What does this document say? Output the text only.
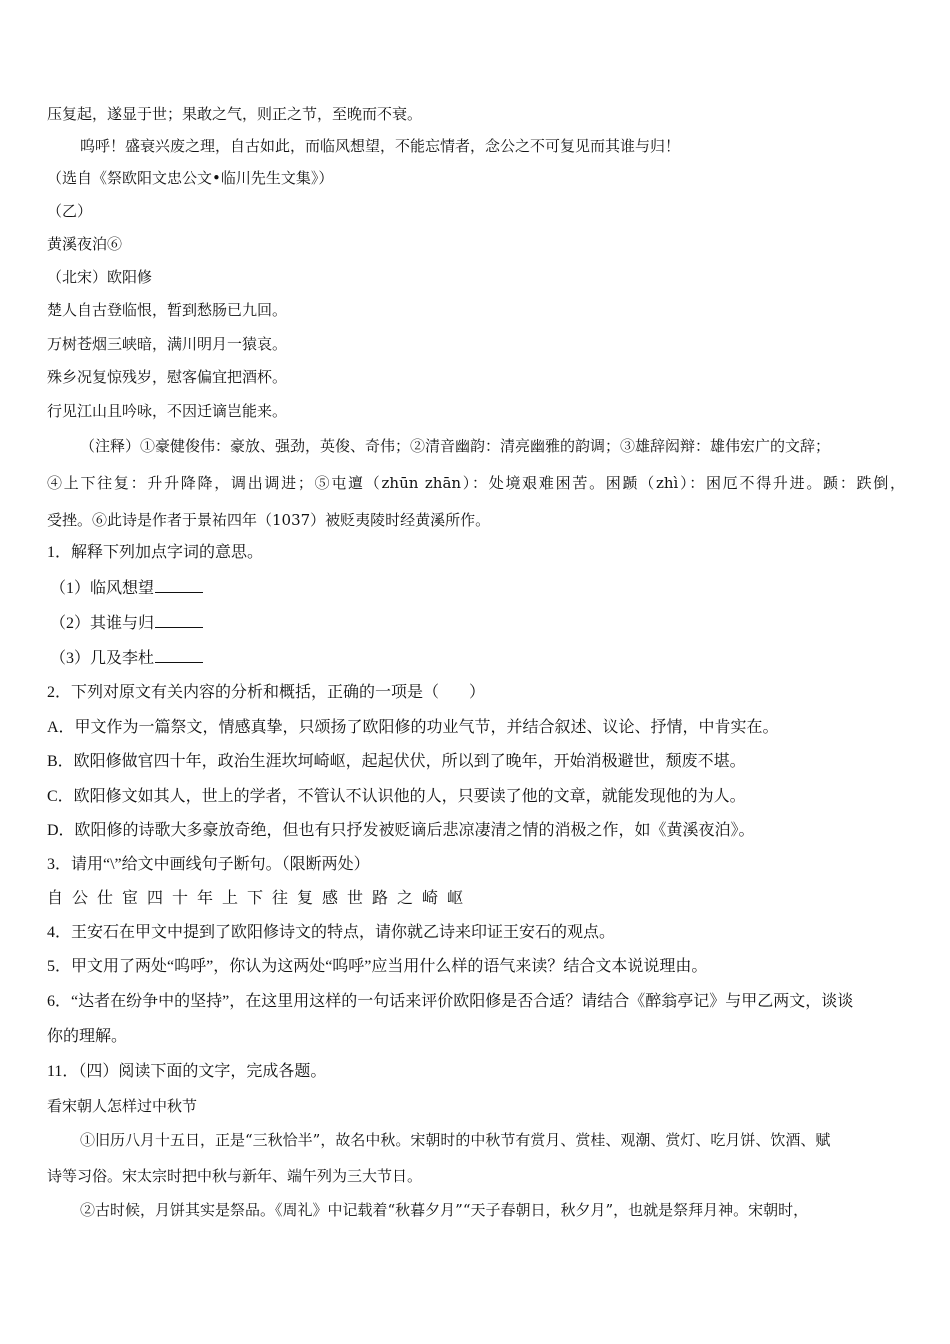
压复起，遂显于世；果敢之气，则正之节，至晚而不衰。
呜呼！盛衰兴废之理，自古如此，而临风想望，不能忘情者，念公之不可复见而其谁与归！
（选自《祭欧阳文忠公文•临川先生文集》）
（乙）
黄溪夜泊⑥
（北宋）欧阳修
楚人自古登临恨，暂到愁肠已九回。
万树苍烟三峡暗，满川明月一猿哀。
殊乡况复惊残岁，慰客偏宜把酒杯。
行见江山且吟咏，不因迁谪岂能来。
（注释）①豪健俊伟：豪放、强劲，英俊、奇伟；②清音幽韵：清亮幽雅的韵调；③雄辞闳辩：雄伟宏广的文辞；
④上下往复：升升降降，调出调进；⑤屯邅（zhūn zhān）：处境艰难困苦。困踬（zhì）：困厄不得升进。踬：跌倒，
受挫。⑥此诗是作者于景祐四年（1037）被贬夷陵时经黄溪所作。
1．解释下列加点字词的意思。
（1）临风想望
（2）其谁与归
（3）几及李杜
2．下列对原文有关内容的分析和概括，正确的一项是（ ）
A．甲文作为一篇祭文，情感真挚，只颂扬了欧阳修的功业气节，并结合叙述、议论、抒情，中肯实在。
B．欧阳修做官四十年，政治生涯坎坷崎岖，起起伏伏，所以到了晚年，开始消极避世，颓废不堪。
C．欧阳修文如其人，世上的学者，不管认不认识他的人，只要读了他的文章，就能发现他的为人。
D．欧阳修的诗歌大多豪放奇绝，但也有只抒发被贬谪后悲凉凄清之情的消极之作，如《黄溪夜泊》。
3．请用“\”给文中画线句子断句。（限断两处）
自公仕宦四十年上下往复感世路之崎岖
4．王安石在甲文中提到了欧阳修诗文的特点，请你就乙诗来印证王安石的观点。
5．甲文用了两处“呜呼”，你认为这两处“呜呼”应当用什么样的语气来读？结合文本说说理由。
6．“达者在纷争中的坚持”，在这里用这样的一句话来评价欧阳修是否合适？请结合《醉翁亭记》与甲乙两文，谈谈
你的理解。
11．（四）阅读下面的文字，完成各题。
看宋朝人怎样过中秋节
①旧历八月十五日，正是“三秋恰半”，故名中秋。宋朝时的中秋节有赏月、赏桂、观潮、赏灯、吃月饼、饮酒、赋
诗等习俗。宋太宗时把中秋与新年、端午列为三大节日。
②古时候，月饼其实是祭品。《周礼》中记载着“秋暮夕月”“天子春朝日，秋夕月”，也就是祭拜月神。宋朝时，
